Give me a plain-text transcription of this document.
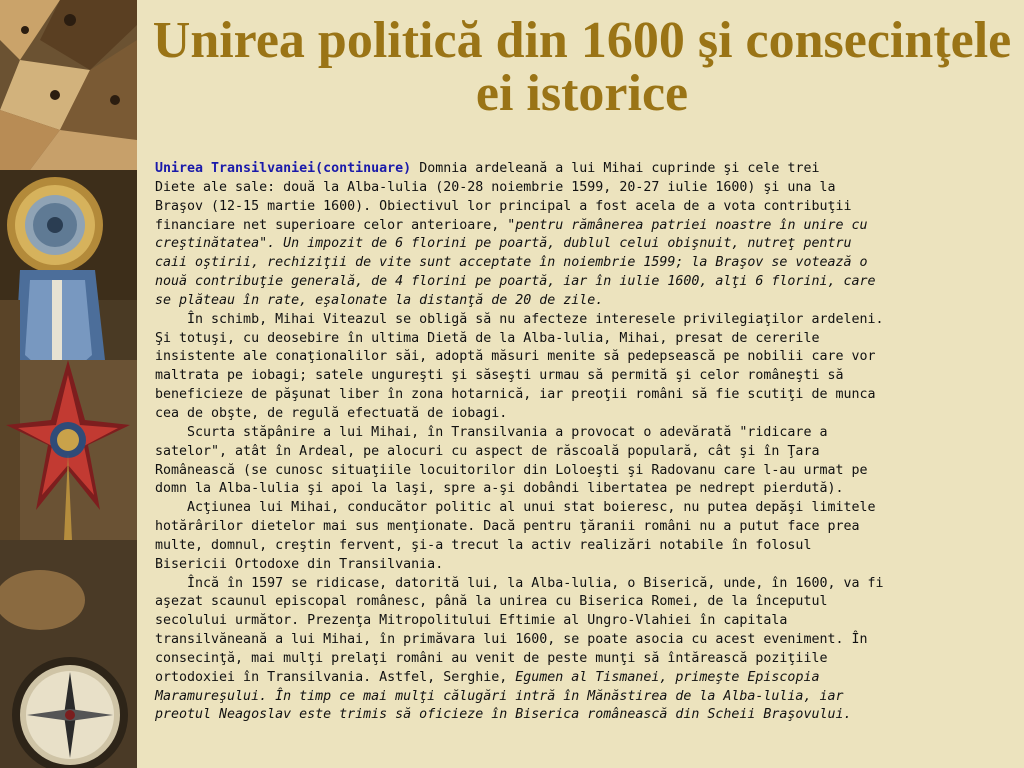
Unirea politică din 1600 şi consecinţele ei istorice
Unirea Transilvaniei(continuare) Domnia ardeleană a lui Mihai cuprinde şi cele trei
Diete ale sale: două la Alba-lulia (20-28 noiembrie 1599, 20-27 iulie 1600) şi una la
Braşov (12-15 martie 1600). Obiectivul lor principal a fost acela de a vota contribuţii
financiare net superioare celor anterioare, "pentru rămânerea patriei noastre în unire cu
creştinătatea". Un impozit de 6 florini pe poartă, dublul celui obişnuit, nutreţ pentru
caii oştirii, rechiziţii de vite sunt acceptate în noiembrie 1599; la Braşov se votează o
nouă contribuţie generală, de 4 florini pe poartă, iar în iulie 1600, alţi 6 florini, care
se plăteau în rate, eşalonate la distanţă de 20 de zile.
În schimb, Mihai Viteazul se obligă să nu afecteze interesele privilegiaţilor ardeleni.
Şi totuşi, cu deosebire în ultima Dietă de la Alba-lulia, Mihai, presat de cererile
insistente ale conaţionalilor săi, adoptă măsuri menite să pedepsească pe nobilii care vor
maltrata pe iobagi; satele ungureşti şi săseşti urmau să permită şi celor româneşti să
beneficieze de păşunat liber în zona hotarnică, iar preoţii români să fie scutiţi de munca
cea de obşte, de regulă efectuată de iobagi.
Scurta stăpânire a lui Mihai, în Transilvania a provocat o adevărată "ridicare a
satelor", atât în Ardeal, pe alocuri cu aspect de răscoală populară, cât şi în Ţara
Românească (se cunosc situaţiile locuitorilor din Loloeşti şi Radovanu care l-au urmat pe
domn la Alba-lulia şi apoi la laşi, spre a-şi dobândi libertatea pe nedrept pierdută).
Acţiunea lui Mihai, conducător politic al unui stat boieresc, nu putea depăşi limitele
hotărârilor dietelor mai sus menţionate. Dacă pentru ţăranii români nu a putut face prea
multe, domnul, creştin fervent, şi-a trecut la activ realizări notabile în folosul
Bisericii Ortodoxe din Transilvania.
Încă în 1597 se ridicase, datorită lui, la Alba-lulia, o Biserică, unde, în 1600, va fi
aşezat scaunul episcopal românesc, până la unirea cu Biserica Romei, de la începutul
secolului următor. Prezenţa Mitropolitului Eftimie al Ungro-Vlahiei în capitala
transilvăneană a lui Mihai, în primăvara lui 1600, se poate asocia cu acest eveniment. În
consecinţă, mai mulţi prelaţi români au venit de peste munţi să întărească poziţiile
ortodoxiei în Transilvania. Astfel, Serghie, Egumen al Tismanei, primeşte Episcopia
Maramureşului. În timp ce mai mulţi călugări intră în Mănăstirea de la Alba-lulia, iar
preotul Neagoslav este trimis să oficieze în Biserica românească din Scheii Braşovului.
